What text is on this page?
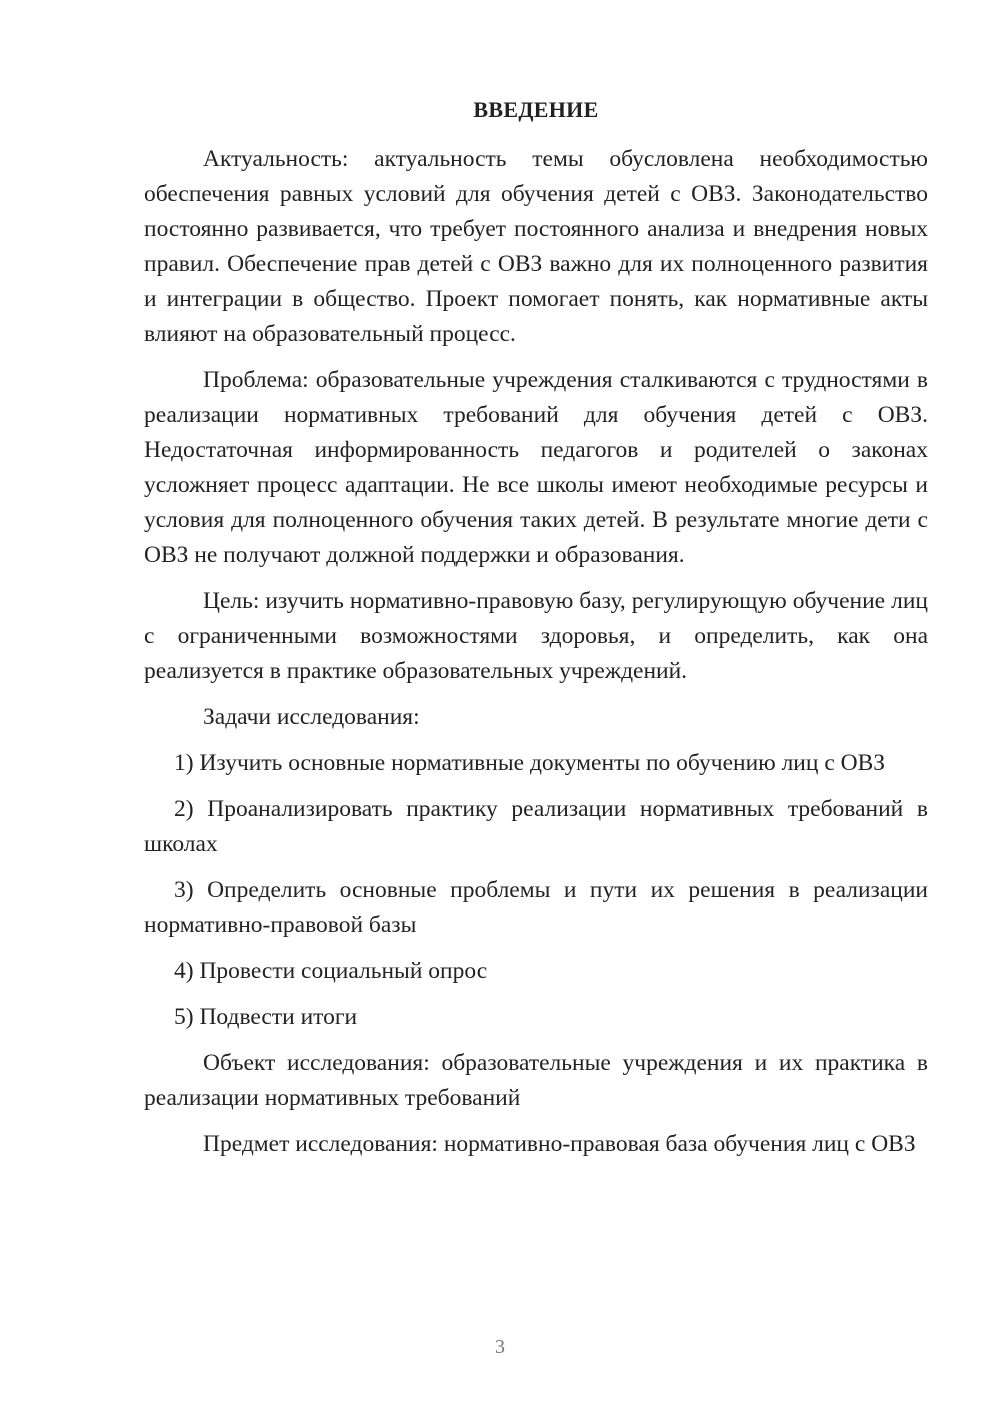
ВВЕДЕНИЕ

Актуальность: актуальность темы обусловлена необходимостью обеспечения равных условий для обучения детей с ОВЗ. Законодательство постоянно развивается, что требует постоянного анализа и внедрения новых правил. Обеспечение прав детей с ОВЗ важно для их полноценного развития и интеграции в общество. Проект помогает понять, как нормативные акты влияют на образовательный процесс.

Проблема: образовательные учреждения сталкиваются с трудностями в реализации нормативных требований для обучения детей с ОВЗ. Недостаточная информированность педагогов и родителей о законах усложняет процесс адаптации. Не все школы имеют необходимые ресурсы и условия для полноценного обучения таких детей. В результате многие дети с ОВЗ не получают должной поддержки и образования.

Цель: изучить нормативно-правовую базу, регулирующую обучение лиц с ограниченными возможностями здоровья, и определить, как она реализуется в практике образовательных учреждений.

Задачи исследования:

1) Изучить основные нормативные документы по обучению лиц с ОВЗ

2) Проанализировать практику реализации нормативных требований в школах

3) Определить основные проблемы и пути их решения в реализации нормативно-правовой базы

4) Провести социальный опрос

5) Подвести итоги

Объект исследования: образовательные учреждения и их практика в реализации нормативных требований

Предмет исследования: нормативно-правовая база обучения лиц с ОВЗ

3
